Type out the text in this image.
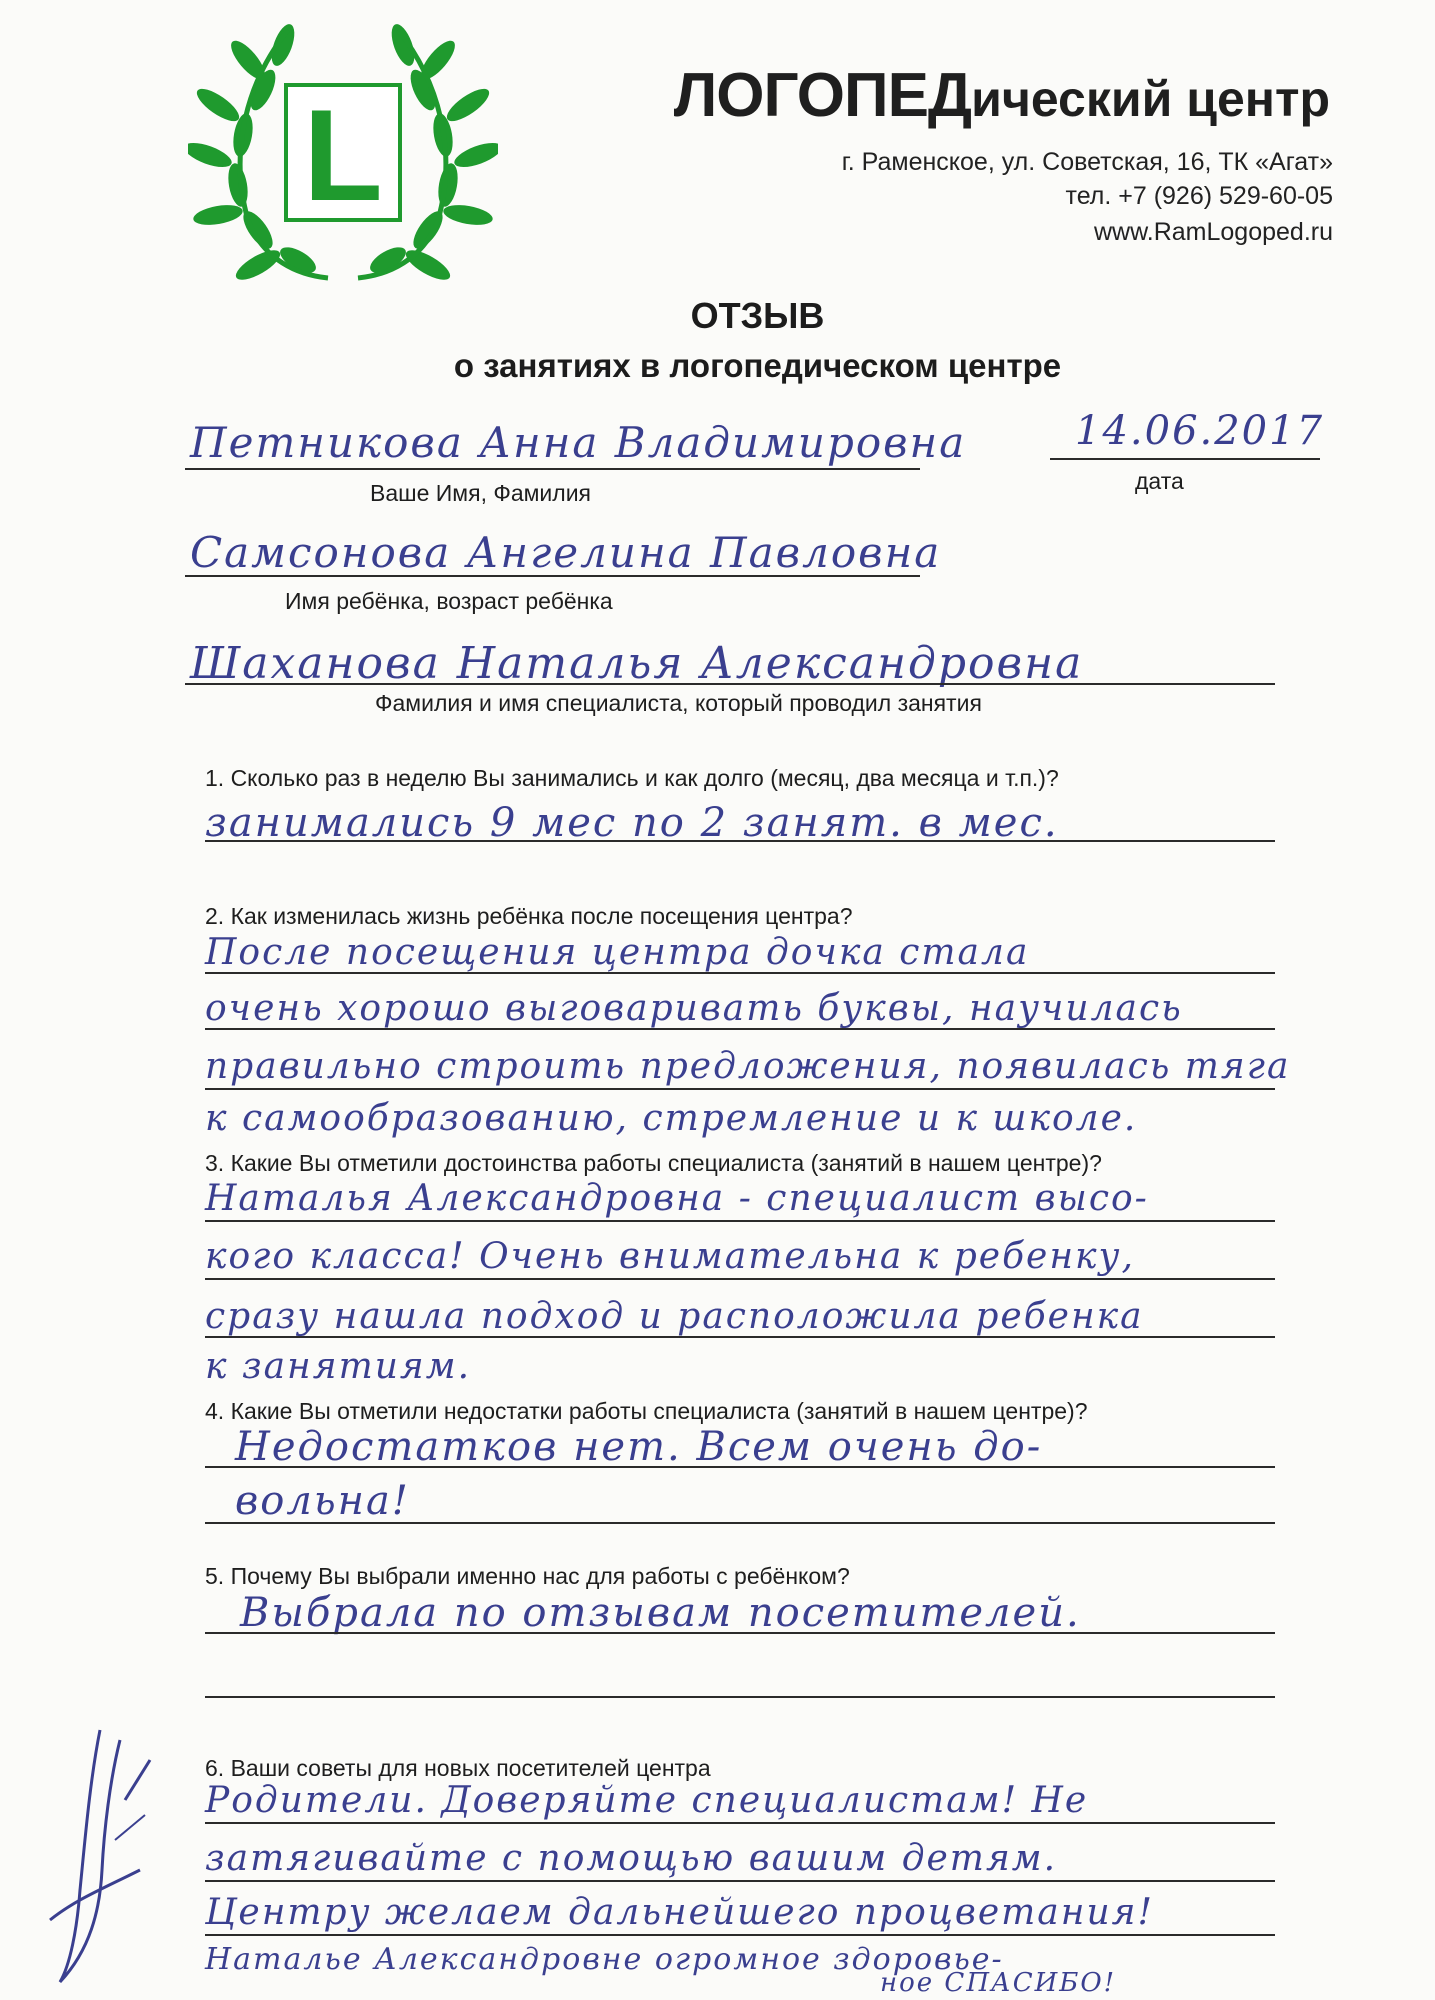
L	ЛОГОПЕДический центр
г. Раменское, ул. Советская, 16, ТК «Агат»
тел. +7 (926) 529-60-05
www.RamLogoped.ru
ОТЗЫВ
о занятиях в логопедическом центре
Петникова Анна Владимировна
Ваше Имя, Фамилия
14.06.2017
дата
Самсонова Ангелина Павловна
Имя ребёнка, возраст ребёнка
Шаханова Наталья Александровна
Фамилия и имя специалиста, который проводил занятия
1. Сколько раз в неделю Вы занимались и как долго (месяц, два месяца и т.п.)?
занимались 9 мес по 2 занят. в мес.
2. Как изменилась жизнь ребёнка после посещения центра?
После посещения центра дочка стала
очень хорошо выговаривать буквы, научилась
правильно строить предложения, появилась тяга
к самообразованию, стремление и к школе.
3. Какие Вы отметили достоинства работы специалиста (занятий в нашем центре)?
Наталья Александровна - специалист высо-
кого класса! Очень внимательна к ребенку,
сразу нашла подход и расположила ребенка
к занятиям.
4. Какие Вы отметили недостатки работы специалиста (занятий в нашем центре)?
Недостатков нет. Всем очень до-
вольна!
5. Почему Вы выбрали именно нас для работы с ребёнком?
Выбрала по отзывам посетителей.
6. Ваши советы для новых посетителей центра
Родители. Доверяйте специалистам! Не
затягивайте с помощью вашим детям.
Центру желаем дальнейшего процветания!
Наталье Александровне огромное здоровье-
ное СПАСИБО!
